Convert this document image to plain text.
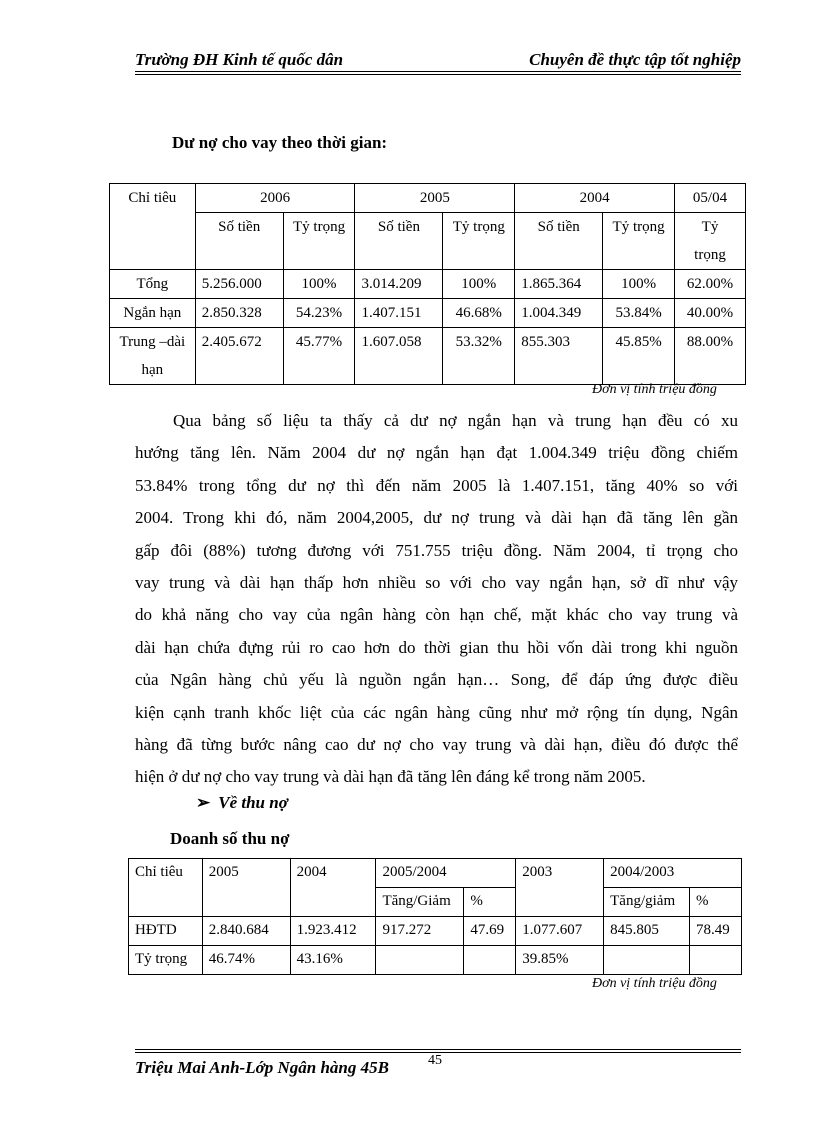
Trường ĐH Kinh tế quốc dân	Chuyên đề thực tập tốt nghiệp
Dư nợ cho vay theo thời gian:
Chỉ tiêu	2006		2005		2004		05/04
	Số tiền	Tỷ trọng	Số tiền	Tỷ trọng	Số tiền	Tỷ trọng	Tỷ
trọng
Tổng	5.256.000	100%	3.014.209	100%	1.865.364	100%	62.00%
Ngắn hạn	2.850.328	54.23%	1.407.151	46.68%	1.004.349	53.84%	40.00%
Trung –dài hạn	2.405.672	45.77%	1.607.058	53.32%	855.303	45.85%	88.00%
Đơn vị tính triệu đồng
Qua bảng số liệu ta thấy cả dư nợ ngắn hạn và trung hạn đều có xu
hướng tăng lên. Năm 2004 dư nợ ngắn hạn đạt 1.004.349 triệu đồng chiếm
53.84% trong tổng dư nợ thì đến năm 2005 là 1.407.151, tăng 40% so với
2004. Trong khi đó, năm 2004,2005, dư nợ trung và dài hạn đã tăng lên gần
gấp đôi (88%) tương đương với 751.755 triệu đồng. Năm 2004, tỉ trọng cho
vay trung và dài hạn thấp hơn nhiều so với cho vay ngắn hạn, sở dĩ như vậy
do khả năng cho vay của ngân hàng còn hạn chế, mặt khác cho vay trung và
dài hạn chứa đựng rủi ro cao hơn do thời gian thu hồi vốn dài trong khi nguồn
của Ngân hàng chủ yếu là nguồn ngắn hạn… Song, để đáp ứng được điều
kiện cạnh tranh khốc liệt của các ngân hàng cũng như mở rộng tín dụng, Ngân
hàng đã từng bước nâng cao dư nợ cho vay trung và dài hạn, điều đó được thể
hiện ở dư nợ cho vay trung và dài hạn đã tăng lên đáng kể trong năm 2005.
➢ Về thu nợ
Doanh số thu nợ
Chỉ tiêu	2005	2004	2005/2004		2003	2004/2003	
			Tăng/Giảm	%		Tăng/giảm	%
HĐTD	2.840.684	1.923.412	917.272	47.69	1.077.607	845.805	78.49
Tỷ trọng	46.74%	43.16%			39.85%		
Đơn vị tính triệu đồng
Triệu Mai Anh-Lớp Ngân hàng 45B	45
